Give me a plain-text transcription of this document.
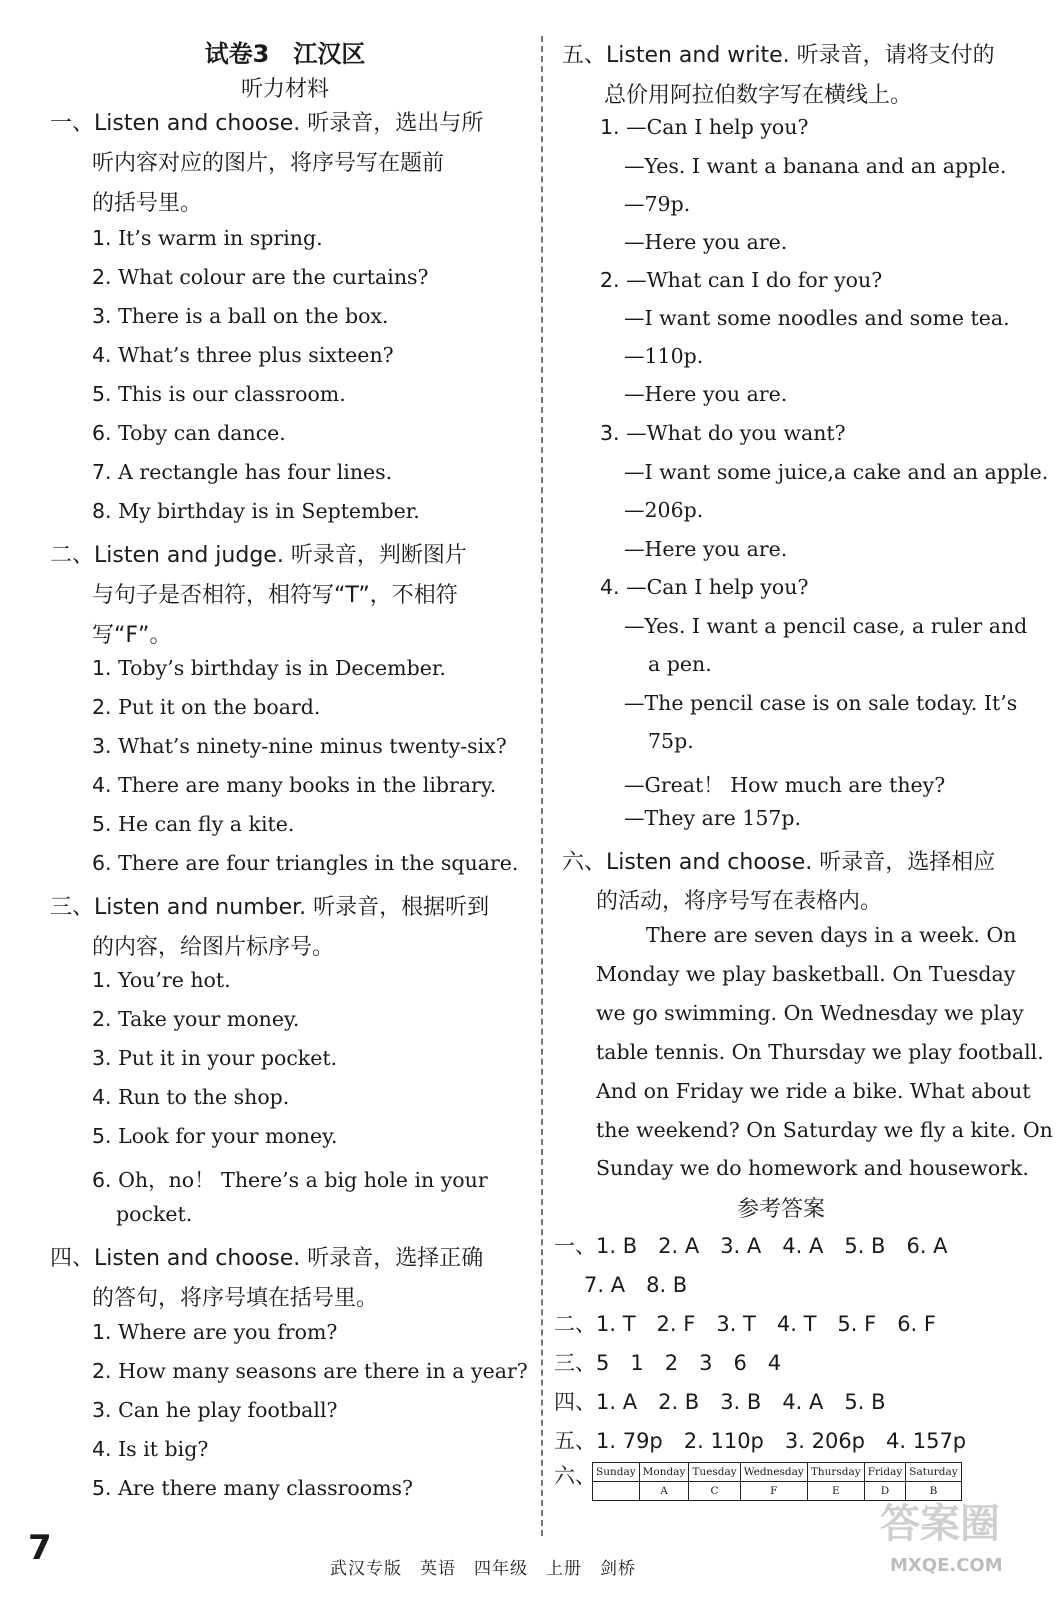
试卷3　江汉区
听力材料
一、Listen and choose. 听录音，选出与所
听内容对应的图片，将序号写在题前
的括号里。
1. It’s warm in spring.
2. What colour are the curtains?
3. There is a ball on the box.
4. What’s three plus sixteen?
5. This is our classroom.
6. Toby can dance.
7. A rectangle has four lines.
8. My birthday is in September.
二、Listen and judge. 听录音，判断图片
与句子是否相符，相符写“T”，不相符
写“F”。
1. Toby’s birthday is in December.
2. Put it on the board.
3. What’s ninety-nine minus twenty-six?
4. There are many books in the library.
5. He can fly a kite.
6. There are four triangles in the square.
三、Listen and number. 听录音，根据听到
的内容，给图片标序号。
1. You’re hot.
2. Take your money.
3. Put it in your pocket.
4. Run to the shop.
5. Look for your money.
6. Oh，no！ There’s a big hole in your
pocket.
四、Listen and choose. 听录音，选择正确
的答句，将序号填在括号里。
1. Where are you from?
2. How many seasons are there in a year?
3. Can he play football?
4. Is it big?
5. Are there many classrooms?
五、Listen and write. 听录音，请将支付的
总价用阿拉伯数字写在横线上。
1. —Can I help you?
—Yes. I want a banana and an apple.
—79p.
—Here you are.
2. —What can I do for you?
—I want some noodles and some tea.
—110p.
—Here you are.
3. —What do you want?
—I want some juice,a cake and an apple.
—206p.
—Here you are.
4. —Can I help you?
—Yes. I want a pencil case, a ruler and
a pen.
—The pencil case is on sale today. It’s
75p.
—Great！ How much are they?
—They are 157p.
六、Listen and choose. 听录音，选择相应
的活动，将序号写在表格内。
There are seven days in a week. On
Monday we play basketball. On Tuesday
we go swimming. On Wednesday we play
table tennis. On Thursday we play football.
And on Friday we ride a bike. What about
the weekend? On Saturday we fly a kite. On
Sunday we do homework and housework.
参考答案
一、1. B　2. A　3. A　4. A　5. B　6. A
7. A　8. B
二、1. T　2. F　3. T　4. T　5. F　6. F
三、5　1　2　3　6　4
四、1. A　2. B　3. B　4. A　5. B
五、1. 79p　2. 110p　3. 206p　4. 157p
六、 Sunday	Monday	Tuesday	Wednesday	Thursday	Friday	Saturday
	A	C	F	E	D	B
7
武汉专版　英语　四年级　上册　剑桥
答案圈
MXQE.COM
